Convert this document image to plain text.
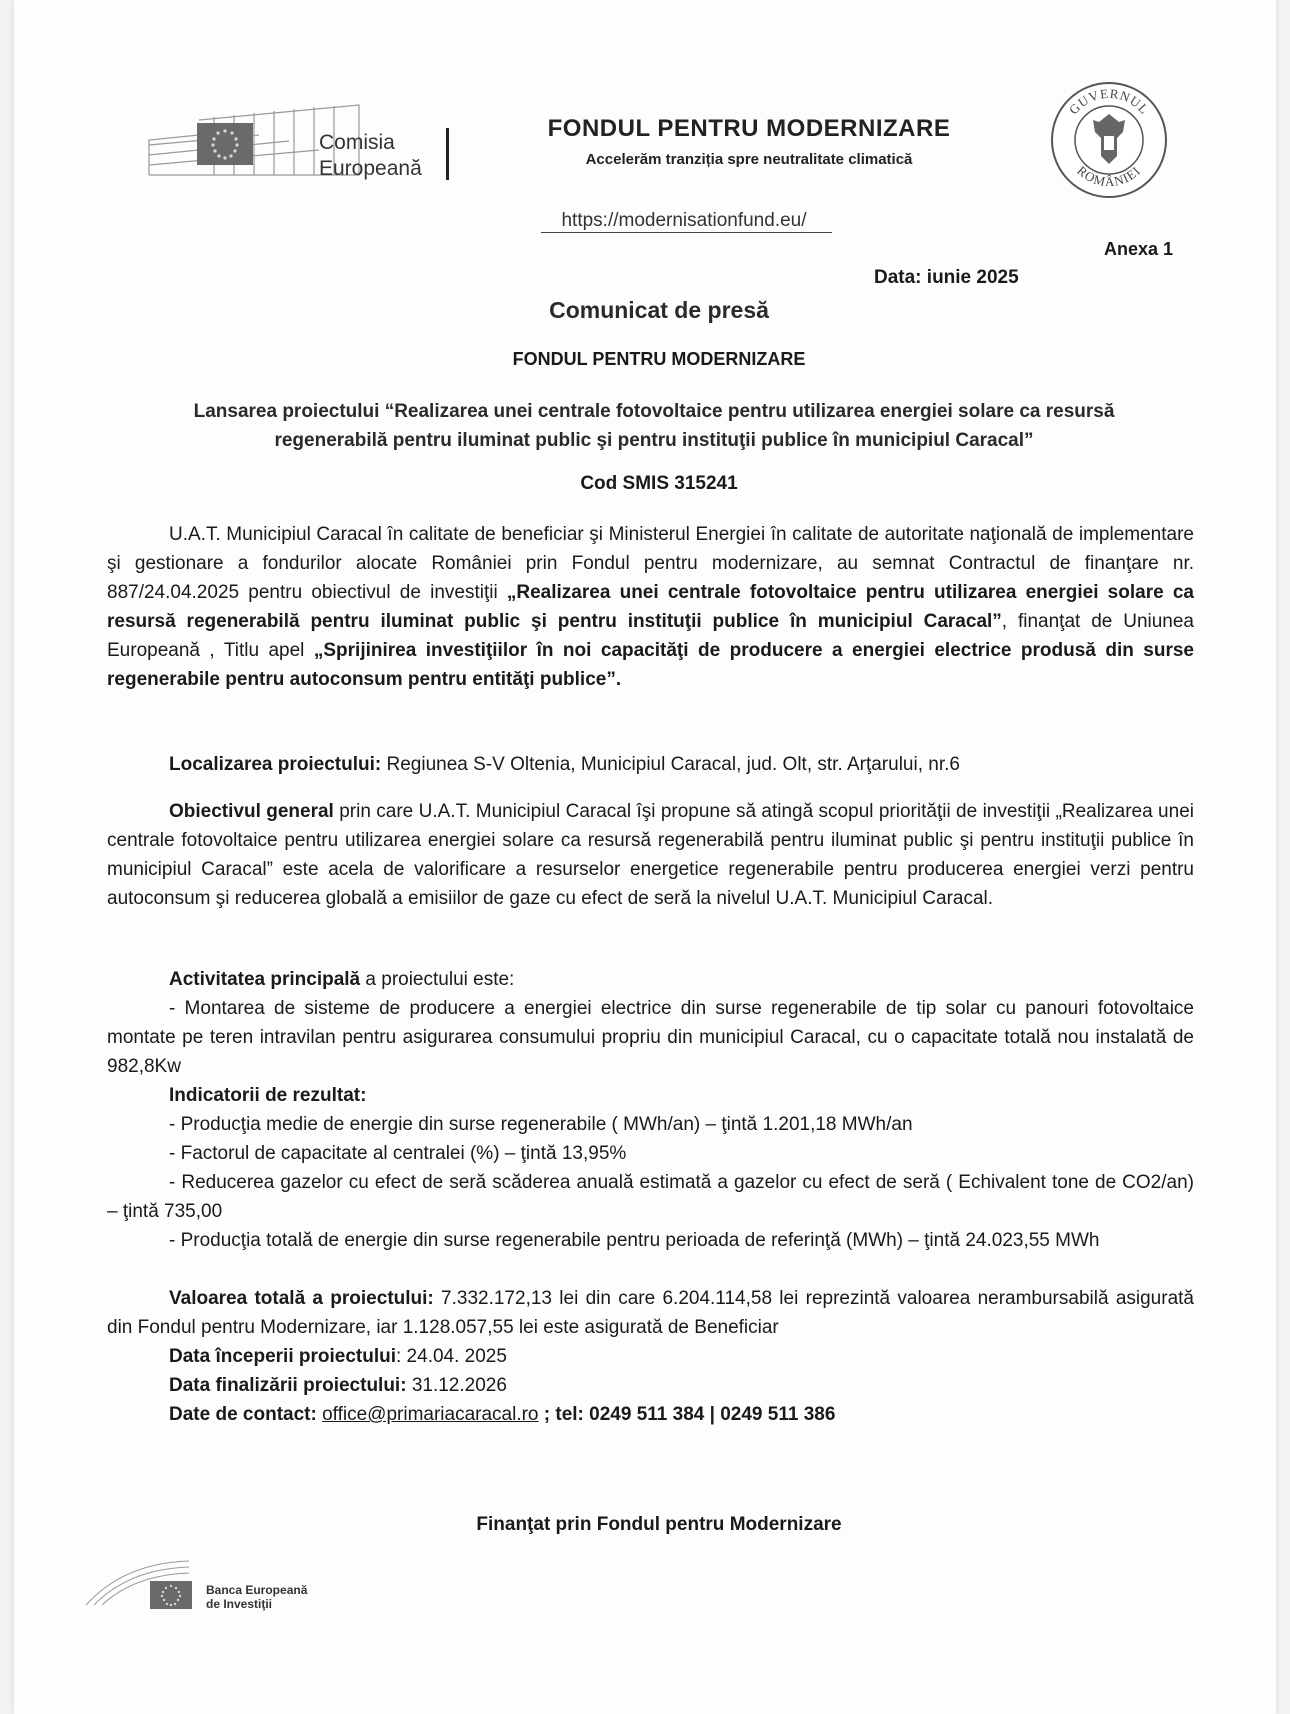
Comisia
Europeană
FONDUL PENTRU MODERNIZARE
Accelerăm tranziția spre neutralitate climatică
GUVERNUL
ROMÂNIEI
https://modernisationfund.eu/
Anexa 1
Data: iunie 2025
Comunicat de presă
FONDUL PENTRU MODERNIZARE
Lansarea proiectului “Realizarea unei centrale fotovoltaice pentru utilizarea energiei solare ca resursă
regenerabilă pentru iluminat public şi pentru instituţii publice în municipiul Caracal”
Cod SMIS 315241
U.A.T. Municipiul Caracal în calitate de beneficiar şi Ministerul Energiei în calitate de autoritate naţională de implementare şi gestionare a fondurilor alocate României prin Fondul pentru modernizare, au semnat Contractul de finanţare nr. 887/24.04.2025 pentru obiectivul de investiţii „Realizarea unei centrale fotovoltaice pentru utilizarea energiei solare ca resursă regenerabilă pentru iluminat public şi pentru instituţii publice în municipiul Caracal”, finanţat de Uniunea Europeană , Titlu apel „Sprijinirea investiţiilor în noi capacităţi de producere a energiei electrice produsă din surse regenerabile pentru autoconsum pentru entităţi publice”.
Localizarea proiectului: Regiunea S-V Oltenia, Municipiul Caracal, jud. Olt, str. Arţarului, nr.6
Obiectivul general prin care U.A.T. Municipiul Caracal îşi propune să atingă scopul priorităţii de investiţii „Realizarea unei centrale fotovoltaice pentru utilizarea energiei solare ca resursă regenerabilă pentru iluminat public şi pentru instituţii publice în municipiul Caracal” este acela de valorificare a resurselor energetice regenerabile pentru producerea energiei verzi pentru autoconsum şi reducerea globală a emisiilor de gaze cu efect de seră la nivelul U.A.T. Municipiul Caracal.
Activitatea principală a proiectului este:
- Montarea de sisteme de producere a energiei electrice din surse regenerabile de tip solar cu panouri fotovoltaice montate pe teren intravilan pentru asigurarea consumului propriu din municipiul Caracal, cu o capacitate totală nou instalată de 982,8Kw
Indicatorii de rezultat:
- Producţia medie de energie din surse regenerabile ( MWh/an) – ţintă 1.201,18 MWh/an
- Factorul de capacitate al centralei (%) – ţintă 13,95%
- Reducerea gazelor cu efect de seră scăderea anuală estimată a gazelor cu efect de seră ( Echivalent tone de CO2/an) – ţintă 735,00
- Producţia totală de energie din surse regenerabile pentru perioada de referinţă (MWh) – ţintă 24.023,55 MWh
Valoarea totală a proiectului: 7.332.172,13 lei din care 6.204.114,58 lei reprezintă valoarea nerambursabilă asigurată din Fondul pentru Modernizare, iar 1.128.057,55 lei este asigurată de Beneficiar
Data începerii proiectului: 24.04. 2025
Data finalizării proiectului: 31.12.2026
Date de contact: office@primariacaracal.ro ; tel: 0249 511 384 | 0249 511 386
Finanţat prin Fondul pentru Modernizare
Banca Europeană
de Investiţii
